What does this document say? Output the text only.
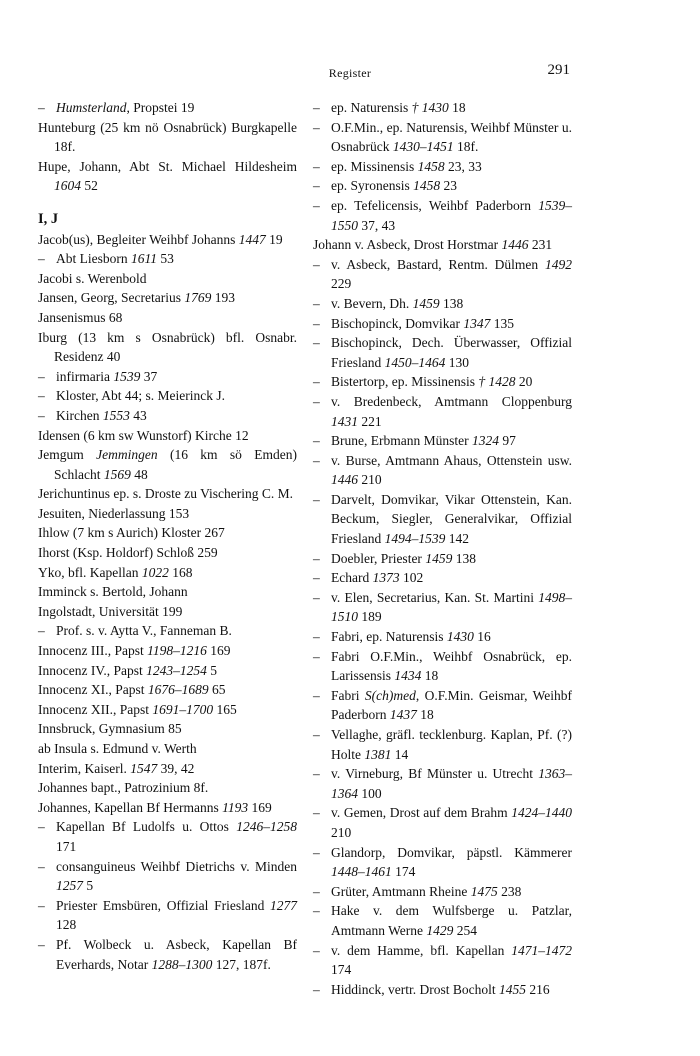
Register	291
– Humsterland, Propstei 19
Hunteburg (25 km nö Osnabrück) Burgkapelle 18f.
Hupe, Johann, Abt St. Michael Hildesheim 1604 52
I, J
Jacob(us), Begleiter Weihbf Johanns 1447 19
– Abt Liesborn 1611 53
Jacobi s. Werenbold
Jansen, Georg, Secretarius 1769 193
Jansenismus 68
Iburg (13 km s Osnabrück) bfl. Osnabr. Residenz 40
– infirmaria 1539 37
– Kloster, Abt 44; s. Meierinck J.
– Kirchen 1553 43
Idensen (6 km sw Wunstorf) Kirche 12
Jemgum Jemmingen (16 km sö Emden) Schlacht 1569 48
Jerichuntinus ep. s. Droste zu Vischering C. M.
Jesuiten, Niederlassung 153
Ihlow (7 km s Aurich) Kloster 267
Ihorst (Ksp. Holdorf) Schloß 259
Yko, bfl. Kapellan 1022 168
Imminck s. Bertold, Johann
Ingolstadt, Universität 199
– Prof. s. v. Aytta V., Fanneman B.
Innocenz III., Papst 1198–1216 169
Innocenz IV., Papst 1243–1254 5
Innocenz XI., Papst 1676–1689 65
Innocenz XII., Papst 1691–1700 165
Innsbruck, Gymnasium 85
ab Insula s. Edmund v. Werth
Interim, Kaiserl. 1547 39, 42
Johannes bapt., Patrozinium 8f.
Johannes, Kapellan Bf Hermanns 1193 169
– Kapellan Bf Ludolfs u. Ottos 1246–1258 171
– consanguineus Weihbf Dietrichs v. Minden 1257 5
– Priester Emsbüren, Offizial Friesland 1277 128
– Pf. Wolbeck u. Asbeck, Kapellan Bf Everhards, Notar 1288–1300 127, 187f.
– ep. Naturensis † 1430 18
– O.F.Min., ep. Naturensis, Weihbf Münster u. Osnabrück 1430–1451 18f.
– ep. Missinensis 1458 23, 33
– ep. Syronensis 1458 23
– ep. Tefelicensis, Weihbf Paderborn 1539–1550 37, 43
Johann v. Asbeck, Drost Horstmar 1446 231
– v. Asbeck, Bastard, Rentm. Dülmen 1492 229
– v. Bevern, Dh. 1459 138
– Bischopinck, Domvikar 1347 135
– Bischopinck, Dech. Überwasser, Offizial Friesland 1450–1464 130
– Bistertorp, ep. Missinensis † 1428 20
– v. Bredenbeck, Amtmann Cloppenburg 1431 221
– Brune, Erbmann Münster 1324 97
– v. Burse, Amtmann Ahaus, Ottenstein usw. 1446 210
– Darvelt, Domvikar, Vikar Ottenstein, Kan. Beckum, Siegler, Generalvikar, Offizial Friesland 1494–1539 142
– Doebler, Priester 1459 138
– Echard 1373 102
– v. Elen, Secretarius, Kan. St. Martini 1498–1510 189
– Fabri, ep. Naturensis 1430 16
– Fabri O.F.Min., Weihbf Osnabrück, ep. Larissensis 1434 18
– Fabri S(ch)med, O.F.Min. Geismar, Weihbf Paderborn 1437 18
– Vellaghe, gräfl. tecklenburg. Kaplan, Pf. (?) Holte 1381 14
– v. Virneburg, Bf Münster u. Utrecht 1363–1364 100
– v. Gemen, Drost auf dem Brahm 1424–1440 210
– Glandorp, Domvikar, päpstl. Kämmerer 1448–1461 174
– Grüter, Amtmann Rheine 1475 238
– Hake v. dem Wulfsberge u. Patzlar, Amtmann Werne 1429 254
– v. dem Hamme, bfl. Kapellan 1471–1472 174
– Hiddinck, vertr. Drost Bocholt 1455 216
